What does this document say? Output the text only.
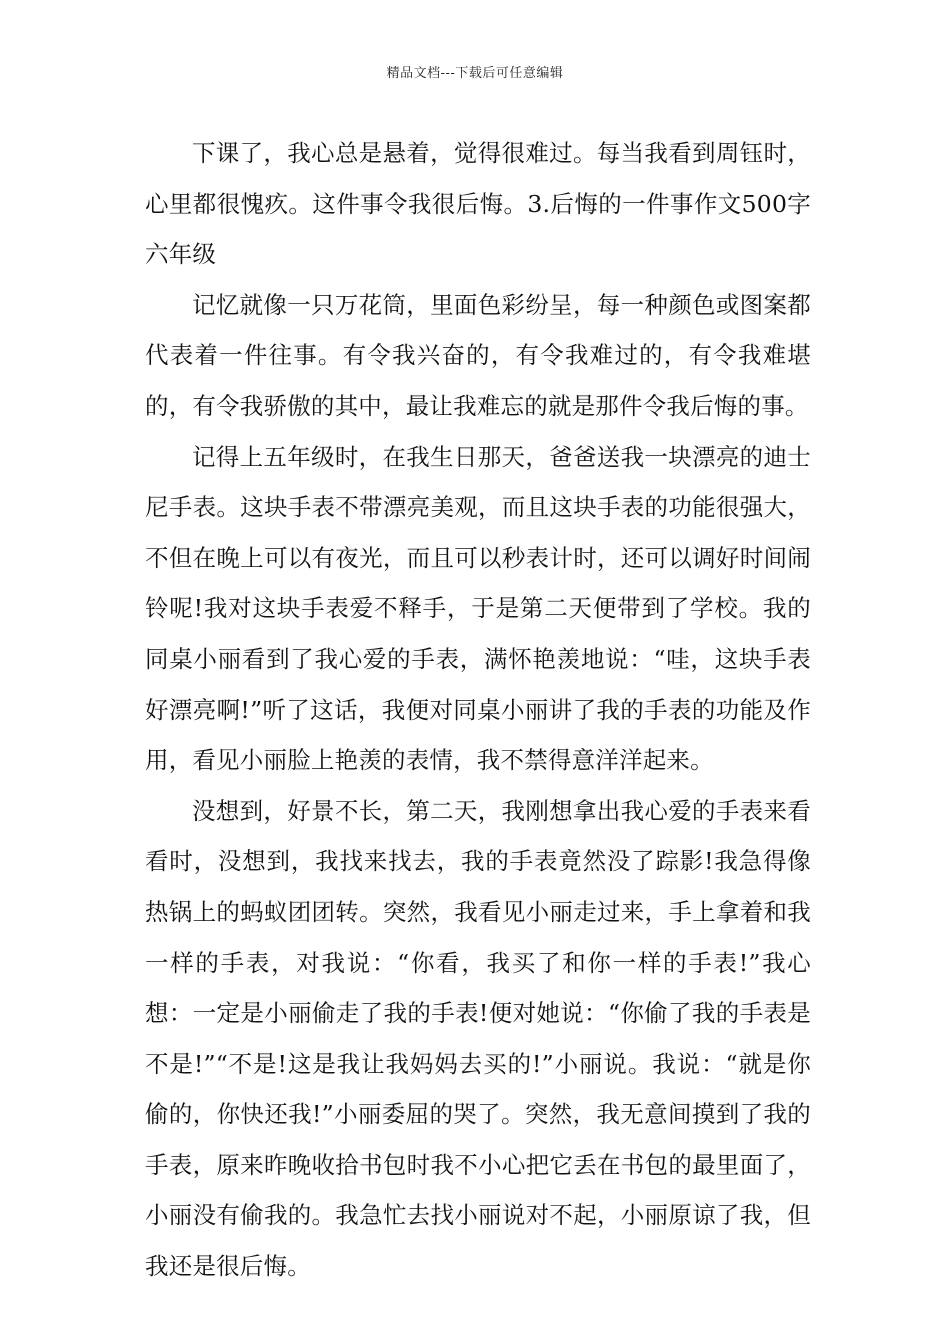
精品文档---下载后可任意编辑

下课了，我心总是悬着，觉得很难过。每当我看到周钰时，心里都很愧疚。这件事令我很后悔。3.后悔的一件事作文500字六年级

记忆就像一只万花筒，里面色彩纷呈，每一种颜色或图案都代表着一件往事。有令我兴奋的，有令我难过的，有令我难堪的，有令我骄傲的其中，最让我难忘的就是那件令我后悔的事。

记得上五年级时，在我生日那天，爸爸送我一块漂亮的迪士尼手表。这块手表不带漂亮美观，而且这块手表的功能很强大，不但在晚上可以有夜光，而且可以秒表计时，还可以调好时间闹铃呢!我对这块手表爱不释手，于是第二天便带到了学校。我的同桌小丽看到了我心爱的手表，满怀艳羡地说：“哇，这块手表好漂亮啊!”听了这话，我便对同桌小丽讲了我的手表的功能及作用，看见小丽脸上艳羡的表情，我不禁得意洋洋起来。

没想到，好景不长，第二天，我刚想拿出我心爱的手表来看看时，没想到，我找来找去，我的手表竟然没了踪影!我急得像热锅上的蚂蚁团团转。突然，我看见小丽走过来，手上拿着和我一样的手表，对我说：“你看，我买了和你一样的手表!”我心想：一定是小丽偷走了我的手表!便对她说：“你偷了我的手表是不是!”“不是!这是我让我妈妈去买的!”小丽说。我说：“就是你偷的，你快还我!”小丽委屈的哭了。突然，我无意间摸到了我的手表，原来昨晚收拾书包时我不小心把它丢在书包的最里面了，小丽没有偷我的。我急忙去找小丽说对不起，小丽原谅了我，但我还是很后悔。
